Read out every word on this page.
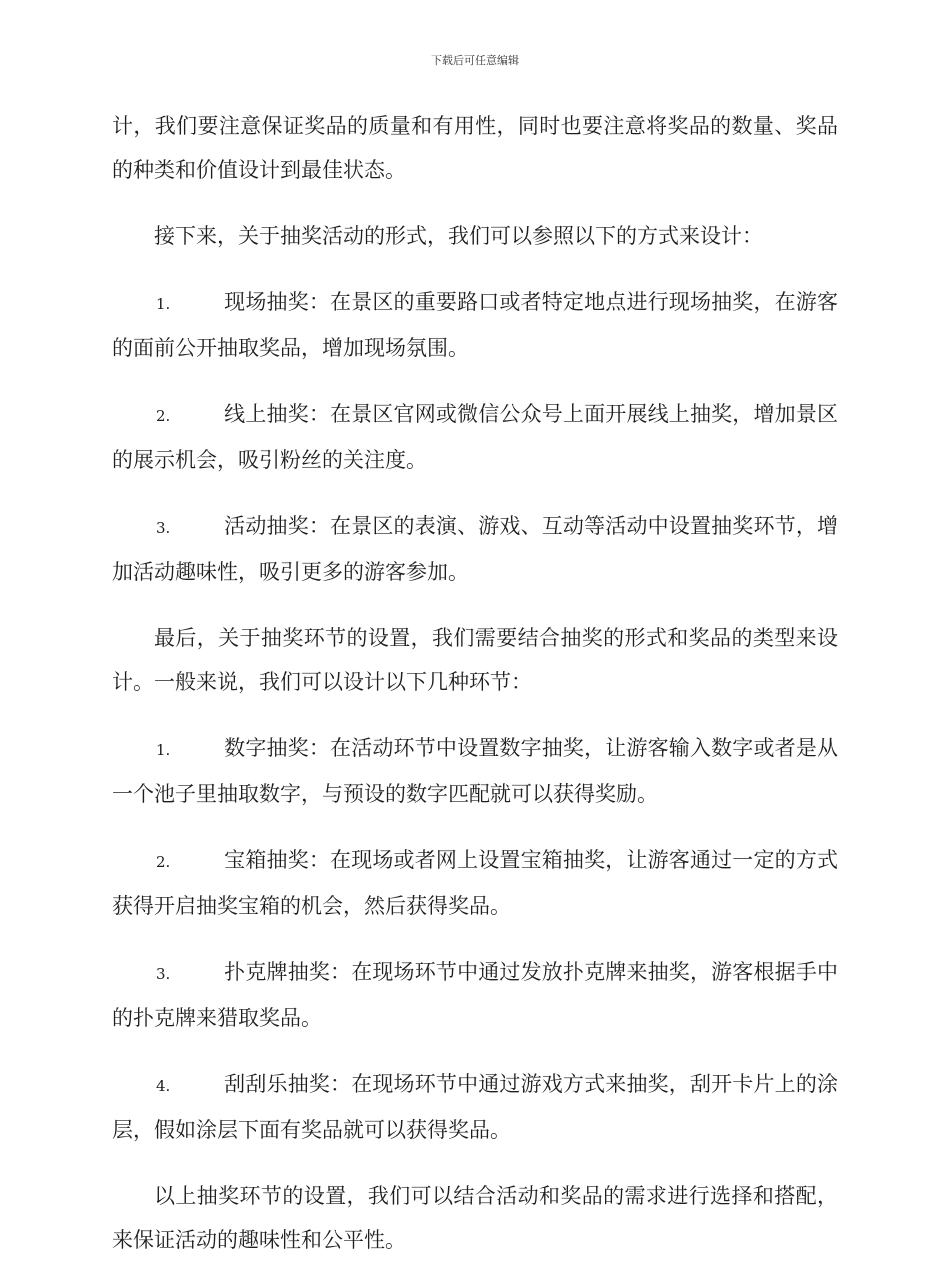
下载后可任意编辑

计，我们要注意保证奖品的质量和有用性，同时也要注意将奖品的数量、奖品的种类和价值设计到最佳状态。

接下来，关于抽奖活动的形式，我们可以参照以下的方式来设计：

1.	现场抽奖：在景区的重要路口或者特定地点进行现场抽奖，在游客的面前公开抽取奖品，增加现场氛围。

2.	线上抽奖：在景区官网或微信公众号上面开展线上抽奖，增加景区的展示机会，吸引粉丝的关注度。

3.	活动抽奖：在景区的表演、游戏、互动等活动中设置抽奖环节，增加活动趣味性，吸引更多的游客参加。

最后，关于抽奖环节的设置，我们需要结合抽奖的形式和奖品的类型来设计。一般来说，我们可以设计以下几种环节：

1.	数字抽奖：在活动环节中设置数字抽奖，让游客输入数字或者是从一个池子里抽取数字，与预设的数字匹配就可以获得奖励。

2.	宝箱抽奖：在现场或者网上设置宝箱抽奖，让游客通过一定的方式获得开启抽奖宝箱的机会，然后获得奖品。

3.	扑克牌抽奖：在现场环节中通过发放扑克牌来抽奖，游客根据手中的扑克牌来猎取奖品。

4.	刮刮乐抽奖：在现场环节中通过游戏方式来抽奖，刮开卡片上的涂层，假如涂层下面有奖品就可以获得奖品。

以上抽奖环节的设置，我们可以结合活动和奖品的需求进行选择和搭配，来保证活动的趣味性和公平性。
